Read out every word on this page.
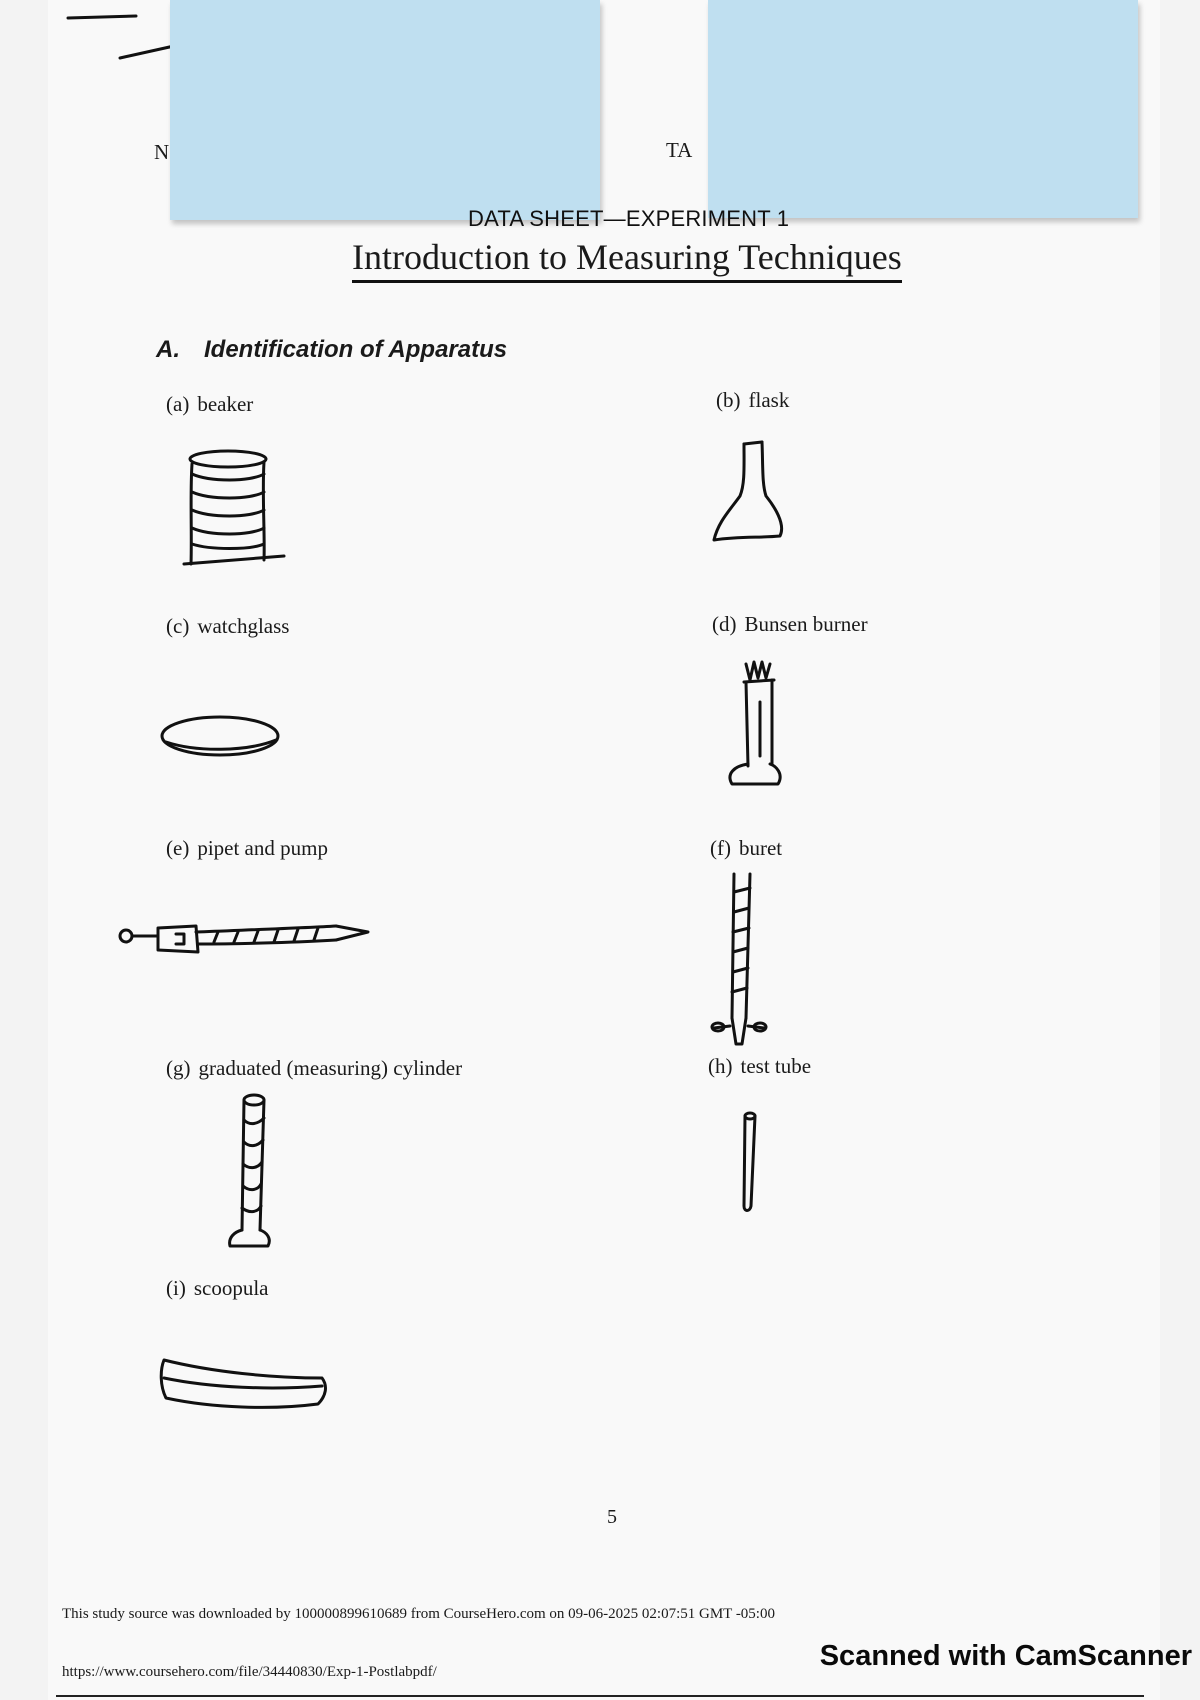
N	TA
DATA SHEET—EXPERIMENT 1
Introduction to Measuring Techniques
A. Identification of Apparatus
(a) beaker	(b) flask
(c) watchglass	(d) Bunsen burner
(e) pipet and pump	(f) buret
(g) graduated (measuring) cylinder	(h) test tube
(i) scoopula
5
This study source was downloaded by 100000899610689 from CourseHero.com on 09-06-2025 02:07:51 GMT -05:00
https://www.coursehero.com/file/34440830/Exp-1-Postlabpdf/	Scanned with CamScanner
